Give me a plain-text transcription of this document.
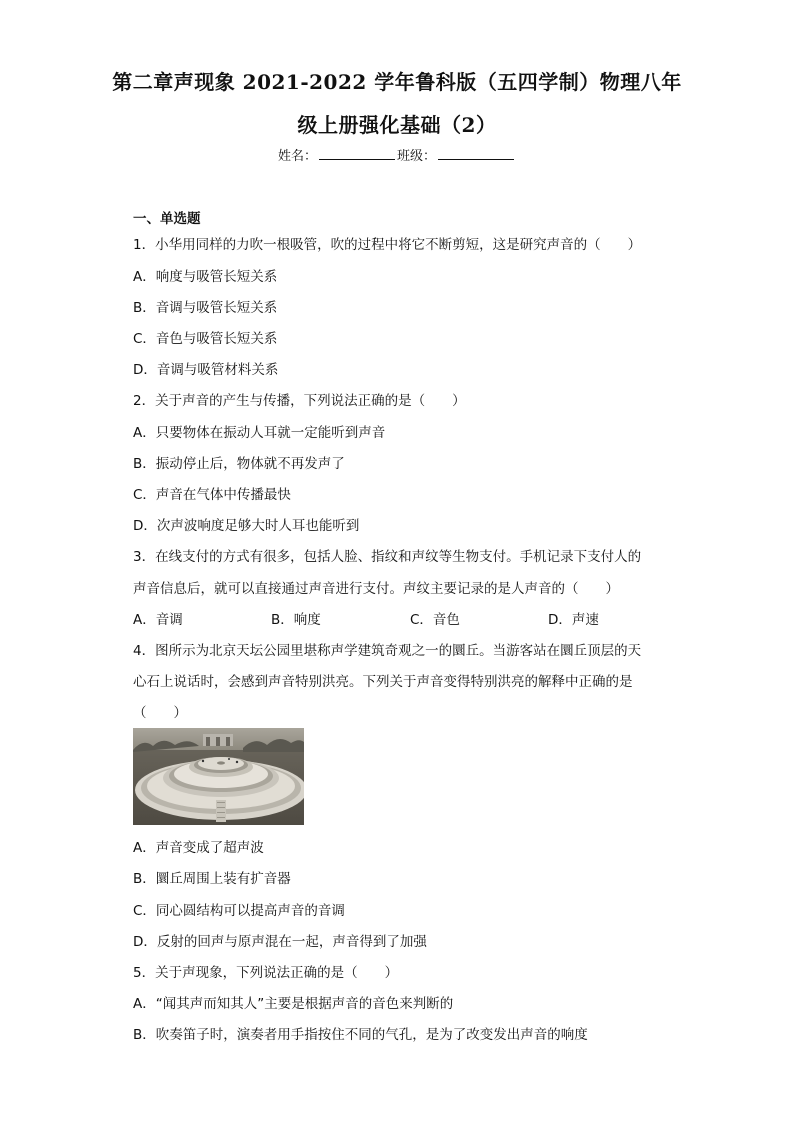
第二章声现象 2021-2022 学年鲁科版（五四学制）物理八年
级上册强化基础（2）
姓名：	班级：
一、单选题
1．小华用同样的力吹一根吸管，吹的过程中将它不断剪短，这是研究声音的（　　）
A．响度与吸管长短关系
B．音调与吸管长短关系
C．音色与吸管长短关系
D．音调与吸管材料关系
2．关于声音的产生与传播，下列说法正确的是（　　）
A．只要物体在振动人耳就一定能听到声音
B．振动停止后，物体就不再发声了
C．声音在气体中传播最快
D．次声波响度足够大时人耳也能听到
3．在线支付的方式有很多，包括人脸、指纹和声纹等生物支付。手机记录下支付人的
声音信息后，就可以直接通过声音进行支付。声纹主要记录的是人声音的（　　）
A．音调	B．响度	C．音色	D．声速
4．图所示为北京天坛公园里堪称声学建筑奇观之一的圜丘。当游客站在圜丘顶层的天
心石上说话时，会感到声音特别洪亮。下列关于声音变得特别洪亮的解释中正确的是
（　　）
A．声音变成了超声波
B．圜丘周围上装有扩音器
C．同心圆结构可以提高声音的音调
D．反射的回声与原声混在一起，声音得到了加强
5．关于声现象，下列说法正确的是（　　）
A．“闻其声而知其人”主要是根据声音的音色来判断的
B．吹奏笛子时，演奏者用手指按住不同的气孔，是为了改变发出声音的响度
